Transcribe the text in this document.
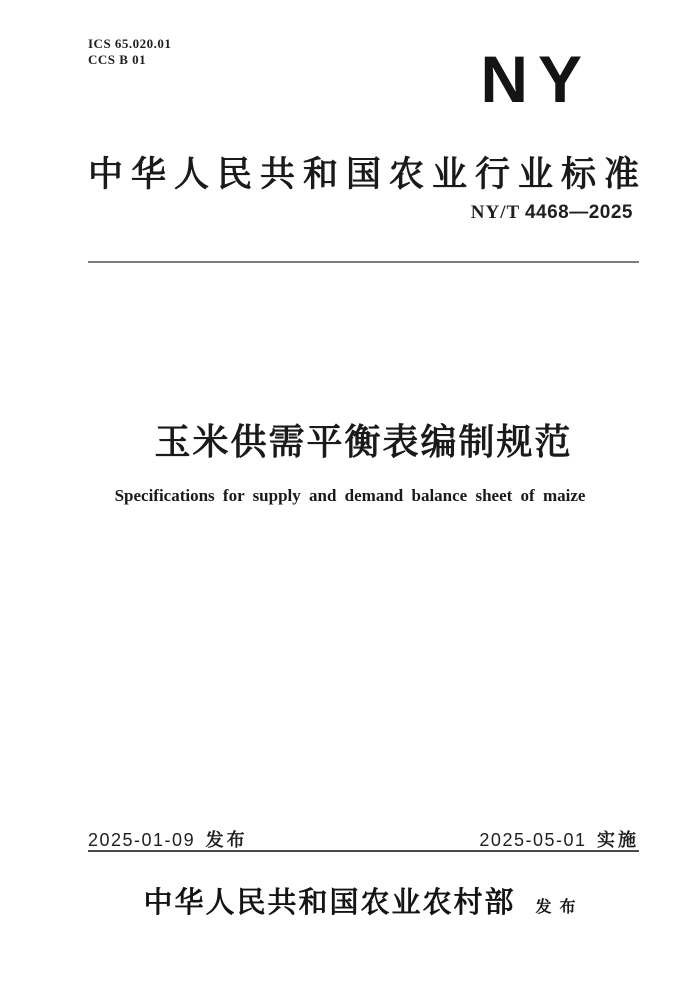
ICS 65.020.01
CCS B 01	NY
中华人民共和国农业行业标准
NY/T 4468—2025
玉米供需平衡表编制规范
Specifications for supply and demand balance sheet of maize
2025-01-09 发布	2025-05-01 实施
中华人民共和国农业农村部 发布
